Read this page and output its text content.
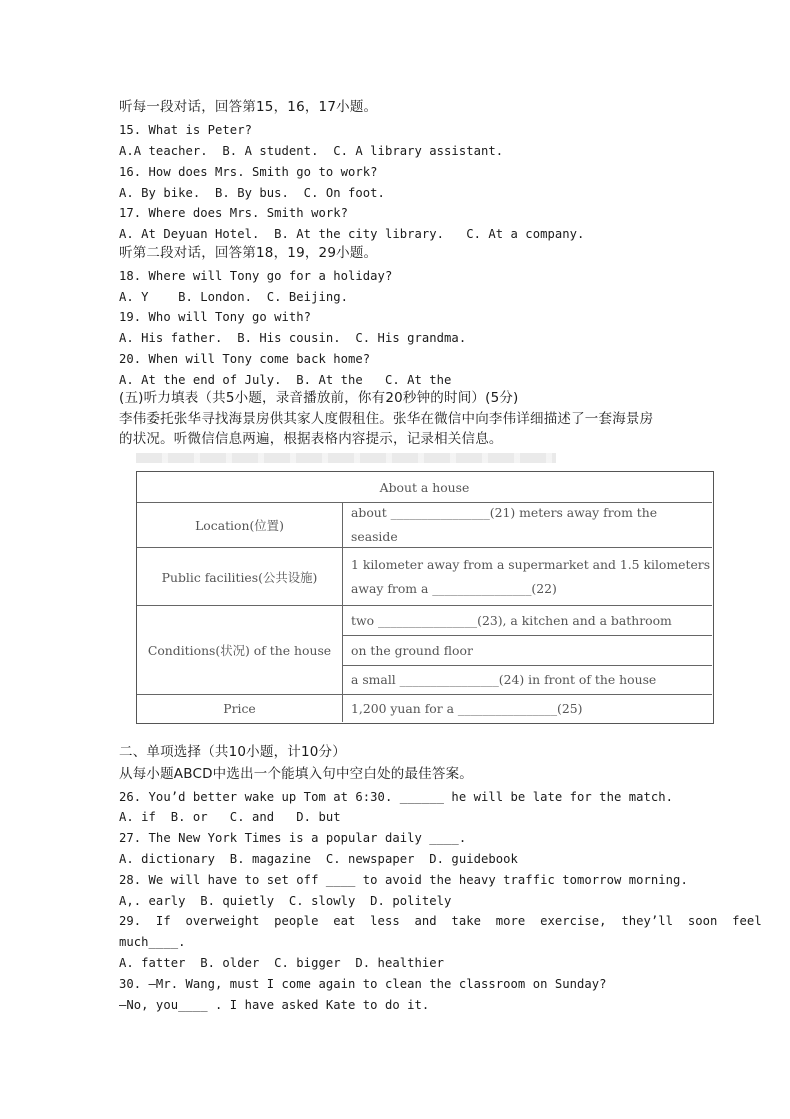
听每一段对话，回答第15，16，17小题。
15. What is Peter?
A.A teacher.  B. A student.  C. A library assistant.
16. How does Mrs. Smith go to work?
A. By bike.  B. By bus.  C. On foot.
17. Where does Mrs. Smith work?
A. At Deyuan Hotel.  B. At the city library.   C. At a company.
听第二段对话，回答第18，19，29小题。
18. Where will Tony go for a holiday?
A. Y    B. London.  C. Beijing.
19. Who will Tony go with?
A. His father.  B. His cousin.  C. His grandma.
20. When will Tony come back home?
A. At the end of July.  B. At the   C. At the
(五)听力填表（共5小题，录音播放前，你有20秒钟的时间）(5分)
李伟委托张华寻找海景房供其家人度假租住。张华在微信中向李伟详细描述了一套海景房
的状况。听微信信息两遍，根据表格内容提示，记录相关信息。
About a house
Location(位置)
about ________________(21) meters away from the
seaside
Public facilities(公共设施)
1 kilometer away from a supermarket and 1.5 kilometers
away from a ________________(22)
Conditions(状况) of the house
two ________________(23), a kitchen and a bathroom
on the ground floor
a small ________________(24) in front of the house
Price	1,200 yuan for a ________________(25)
二、单项选择（共10小题，计10分）
从每小题ABCD中选出一个能填入句中空白处的最佳答案。
26. You’d better wake up Tom at 6:30. ______ he will be late for the match.
A. if  B. or   C. and   D. but
27. The New York Times is a popular daily ____.
A. dictionary  B. magazine  C. newspaper  D. guidebook
28. We will have to set off ____ to avoid the heavy traffic tomorrow morning.
A,. early  B. quietly  C. slowly  D. politely
29.  If  overweight  people  eat  less  and  take  more  exercise,  they’ll  soon  feel
much____.
A. fatter  B. older  C. bigger  D. healthier
30. —Mr. Wang, must I come again to clean the classroom on Sunday?
—No, you____ . I have asked Kate to do it.
